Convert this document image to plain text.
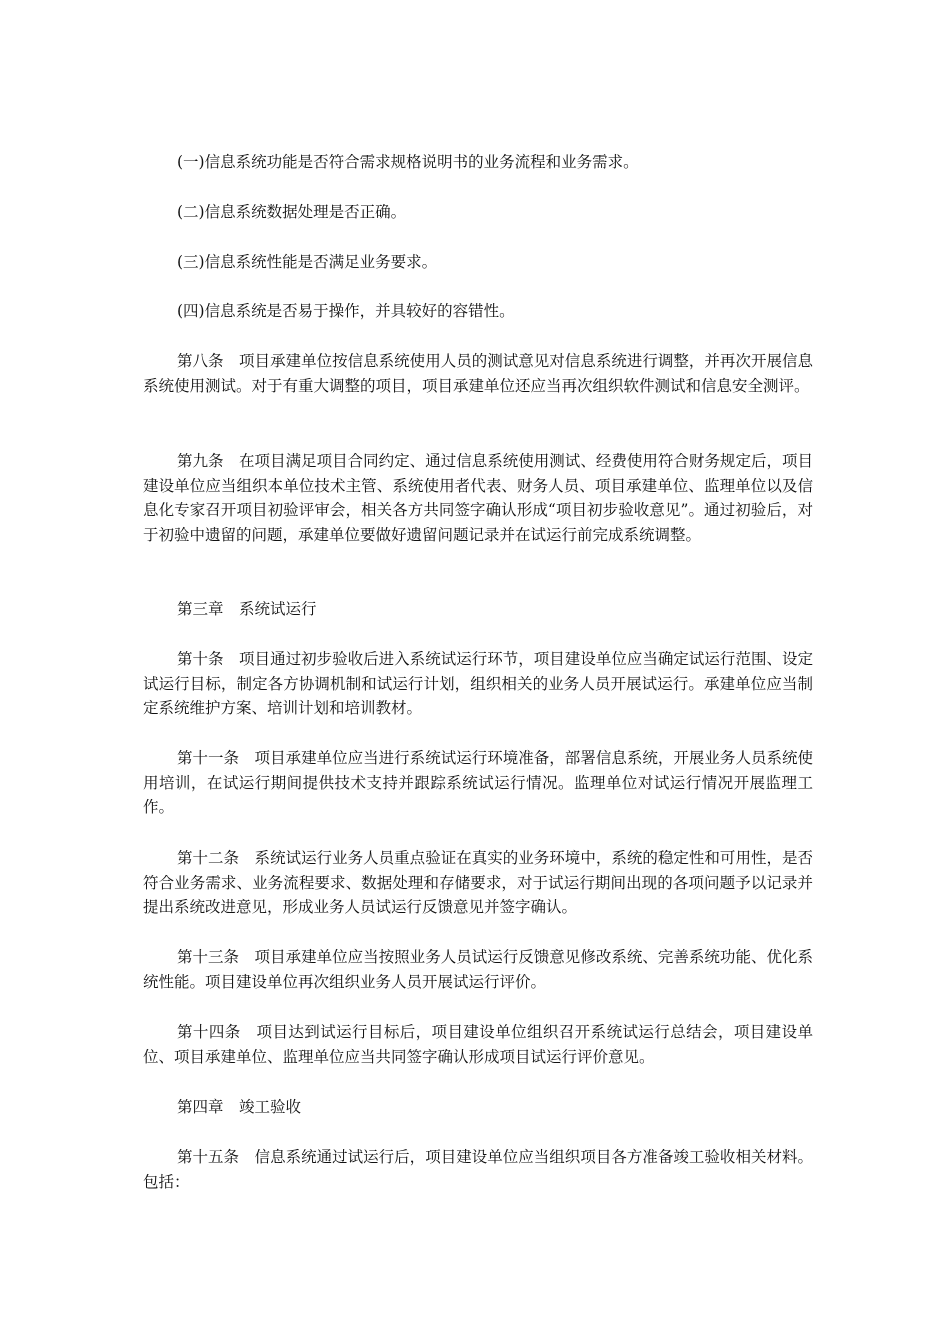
(一)信息系统功能是否符合需求规格说明书的业务流程和业务需求。

(二)信息系统数据处理是否正确。

(三)信息系统性能是否满足业务要求。

(四)信息系统是否易于操作，并具较好的容错性。

第八条　项目承建单位按信息系统使用人员的测试意见对信息系统进行调整，并再次开展信息系统使用测试。对于有重大调整的项目，项目承建单位还应当再次组织软件测试和信息安全测评。

第九条　在项目满足项目合同约定、通过信息系统使用测试、经费使用符合财务规定后，项目建设单位应当组织本单位技术主管、系统使用者代表、财务人员、项目承建单位、监理单位以及信息化专家召开项目初验评审会，相关各方共同签字确认形成“项目初步验收意见”。通过初验后，对于初验中遗留的问题，承建单位要做好遗留问题记录并在试运行前完成系统调整。

第三章　系统试运行

第十条　项目通过初步验收后进入系统试运行环节，项目建设单位应当确定试运行范围、设定试运行目标，制定各方协调机制和试运行计划，组织相关的业务人员开展试运行。承建单位应当制定系统维护方案、培训计划和培训教材。

第十一条　项目承建单位应当进行系统试运行环境准备，部署信息系统，开展业务人员系统使用培训，在试运行期间提供技术支持并跟踪系统试运行情况。监理单位对试运行情况开展监理工作。

第十二条　系统试运行业务人员重点验证在真实的业务环境中，系统的稳定性和可用性，是否符合业务需求、业务流程要求、数据处理和存储要求，对于试运行期间出现的各项问题予以记录并提出系统改进意见，形成业务人员试运行反馈意见并签字确认。

第十三条　项目承建单位应当按照业务人员试运行反馈意见修改系统、完善系统功能、优化系统性能。项目建设单位再次组织业务人员开展试运行评价。

第十四条　项目达到试运行目标后，项目建设单位组织召开系统试运行总结会，项目建设单位、项目承建单位、监理单位应当共同签字确认形成项目试运行评价意见。

第四章　竣工验收

第十五条　信息系统通过试运行后，项目建设单位应当组织项目各方准备竣工验收相关材料。包括：
